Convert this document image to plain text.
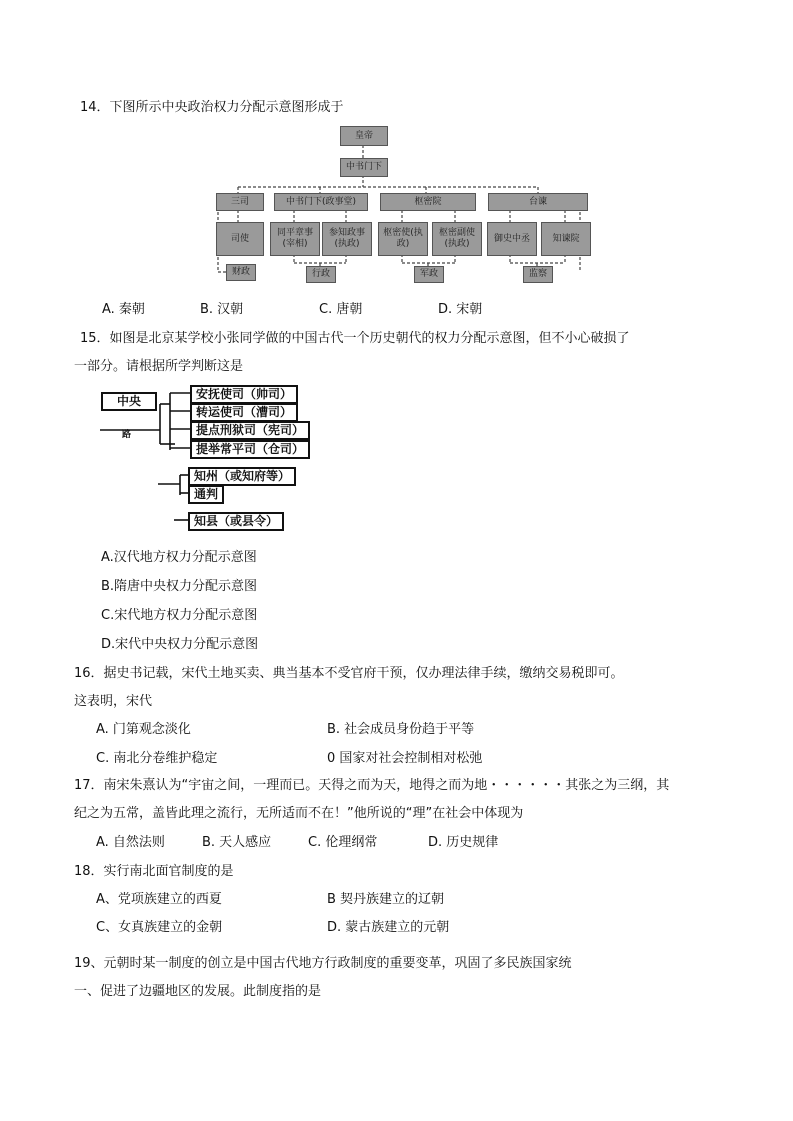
14．下图所示中央政治权力分配示意图形成于
皇帝
中书门下
三司	中书门下(政事堂)	枢密院	台谏
司使
同平章事(宰相)
参知政事(执政)
枢密使(执政)
枢密副使(执政)
御史中丞	知谏院
财政	行政	军政	监察
A. 秦朝	B. 汉朝	C. 唐朝	D. 宋朝
15．如图是北京某学校小张同学做的中国古代一个历史朝代的权力分配示意图，但不小心破损了
一部分。请根据所学判断这是
中央
路
安抚使司（帅司）
转运使司（漕司）
提点刑狱司（宪司）
提举常平司（仓司）
知州（或知府等）
通判
知县（或县令）
A.汉代地方权力分配示意图
B.隋唐中央权力分配示意图
C.宋代地方权力分配示意图
D.宋代中央权力分配示意图
16．据史书记载，宋代土地买卖、典当基本不受官府干预，仅办理法律手续，缴纳交易税即可。
这表明，宋代
A. 门第观念淡化	B. 社会成员身份趋于平等
C. 南北分卷维护稳定	0 国家对社会控制相对松弛
17．南宋朱熹认为“宇宙之间，一理而已。天得之而为天，地得之而为地・・・・・・其张之为三纲，其
纪之为五常，盖皆此理之流行，无所适而不在！”他所说的“理”在社会中体现为
A. 自然法则	B. 天人感应	C. 伦理纲常	D. 历史规律
18．实行南北面官制度的是
A、党项族建立的西夏	B 契丹族建立的辽朝
C、女真族建立的金朝	D. 蒙古族建立的元朝
19、元朝时某一制度的创立是中国古代地方行政制度的重要变革，巩固了多民族国家统
一、促进了边疆地区的发展。此制度指的是
